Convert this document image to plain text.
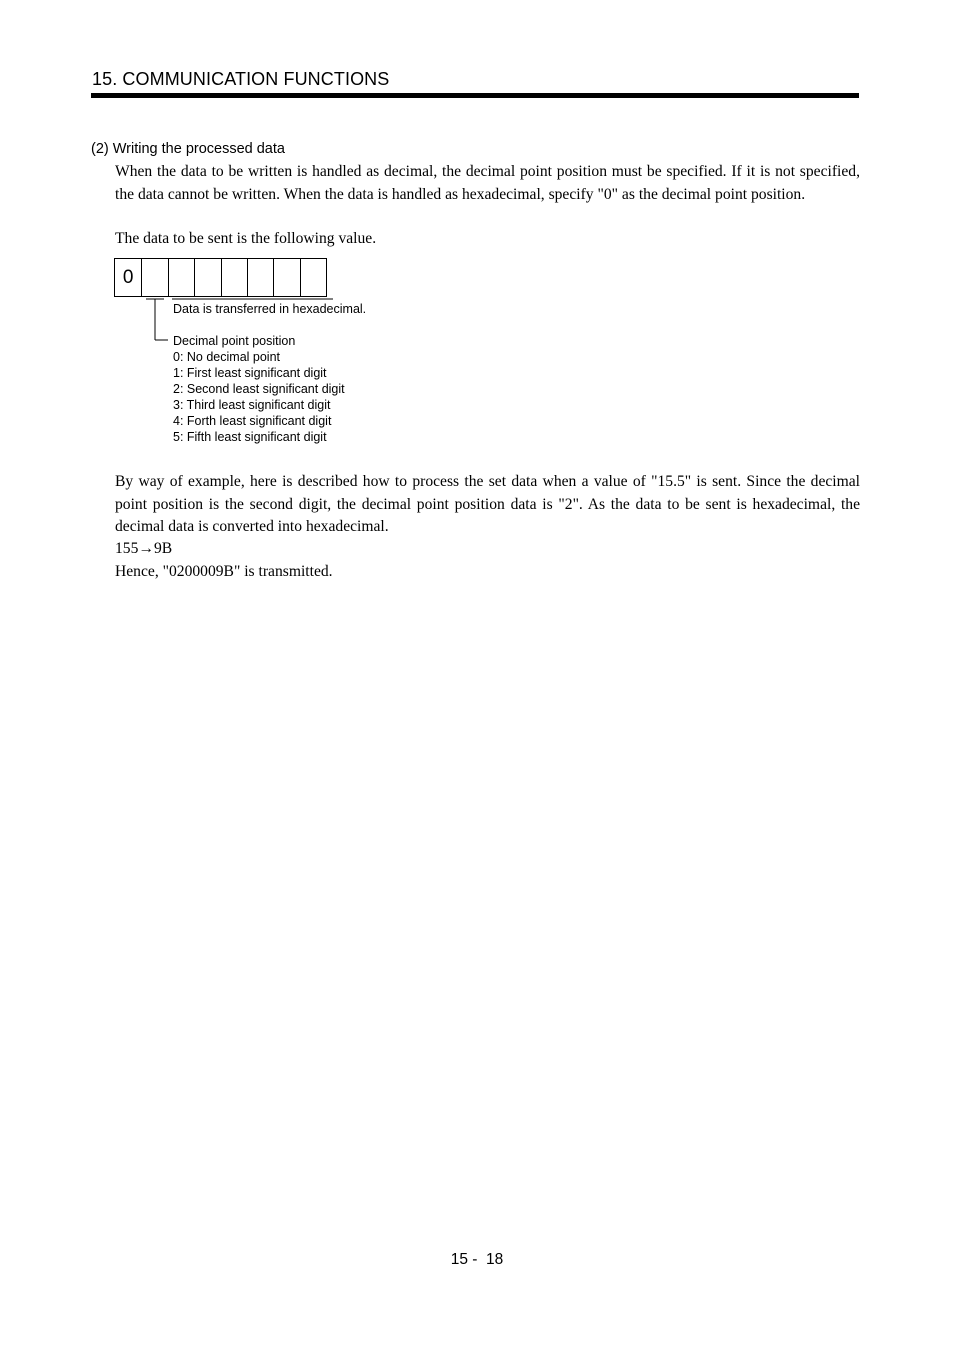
15. COMMUNICATION FUNCTIONS
(2) Writing the processed data
When the data to be written is handled as decimal, the decimal point position must be specified. If it is not specified, the data cannot be written. When the data is handled as hexadecimal, specify "0" as the decimal point position.
The data to be sent is the following value.
0
Data is transferred in hexadecimal.
Decimal point position
0: No decimal point
1: First least significant digit
2: Second least significant digit
3: Third least significant digit
4: Forth least significant digit
5: Fifth least significant digit
By way of example, here is described how to process the set data when a value of "15.5" is sent. Since the decimal point position is the second digit, the decimal point position data is "2". As the data to be sent is hexadecimal, the decimal data is converted into hexadecimal.
155→9B
Hence, "0200009B" is transmitted.
15 -  18
